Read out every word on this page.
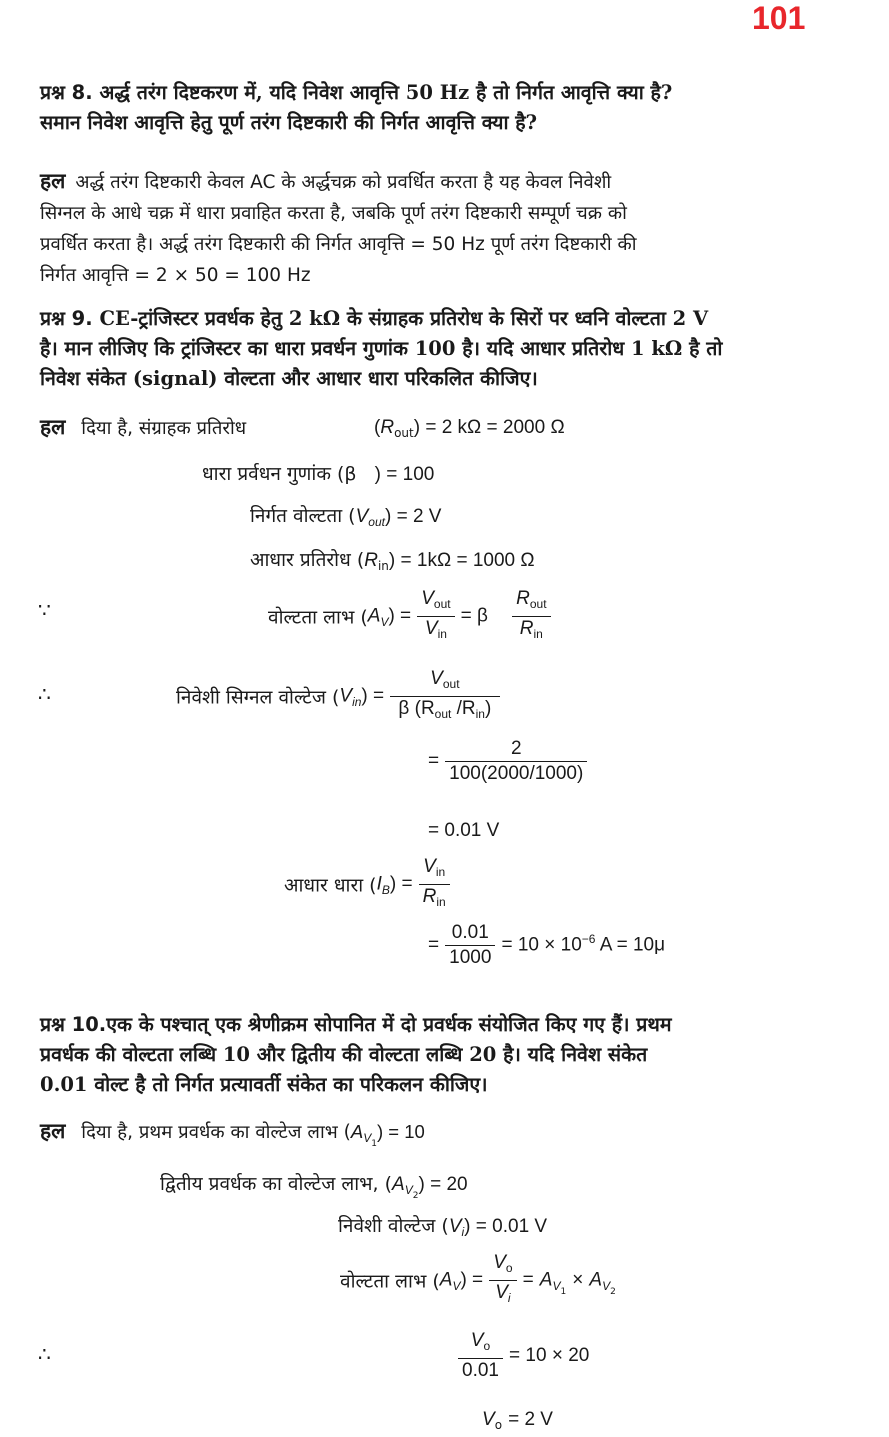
101
प्रश्न 8. अर्द्ध तरंग दिष्टकरण में, यदि निवेश आवृत्ति 50 Hz है तो निर्गत आवृत्ति क्या है?
समान निवेश आवृत्ति हेतु पूर्ण तरंग दिष्टकारी की निर्गत आवृत्ति क्या है?
हल अर्द्ध तरंग दिष्टकारी केवल AC के अर्द्धचक्र को प्रवर्धित करता है यह केवल निवेशी
सिग्नल के आधे चक्र में धारा प्रवाहित करता है, जबकि पूर्ण तरंग दिष्टकारी सम्पूर्ण चक्र को
प्रवर्धित करता है। अर्द्ध तरंग दिष्टकारी की निर्गत आवृत्ति = 50 Hz पूर्ण तरंग दिष्टकारी की
निर्गत आवृत्ति = 2 × 50 = 100 Hz
प्रश्न 9. CE-ट्रांजिस्टर प्रवर्धक हेतु 2 kΩ के संग्राहक प्रतिरोध के सिरों पर ध्वनि वोल्टता 2 V
है। मान लीजिए कि ट्रांजिस्टर का धारा प्रवर्धन गुणांक 100 है। यदि आधार प्रतिरोध 1 kΩ है तो
निवेश संकेत (signal) वोल्टता और आधार धारा परिकलित कीजिए।
हल दिया है, संग्राहक प्रतिरोध	$(R_{out}) = 2$ kΩ = 2000 Ω
धारा प्रर्वधन गुणांक (β ) = 100
निर्गत वोल्टता $(V_{out}) = 2$ V
आधार प्रतिरोध $(R_{in}) = 1k\Omega = 1000$ Ω
∵	वोल्टता लाभ $(A_V) = \frac{V_{out}}{V_{in}} = \beta \frac{R_{out}}{R_{in}}$
∴	निवेशी सिग्नल वोल्टेज $(V_{in}) = \frac{V_{out}}{\beta (R_{out} /R_{in})}$
= $\frac{2}{100(2000/1000)}$
= 0.01 V
आधार धारा $(I_B) = \frac{V_{in}}{R_{in}}$
= $\frac{0.01}{1000} = 10 \times 10^{-6}$ A = 10μ
प्रश्न 10.एक के पश्चात् एक श्रेणीक्रम सोपानित में दो प्रवर्धक संयोजित किए गए हैं। प्रथम
प्रवर्धक की वोल्टता लब्धि 10 और द्वितीय की वोल्टता लब्धि 20 है। यदि निवेश संकेत
0.01 वोल्ट है तो निर्गत प्रत्यावर्ती संकेत का परिकलन कीजिए।
हल दिया है, प्रथम प्रवर्धक का वोल्टेज लाभ $(A_{V1}) = 10$
द्वितीय प्रवर्धक का वोल्टेज लाभ, $(A_{V2}) = 20$
निवेशी वोल्टेज $(V_i) = 0.01$ V
वोल्टता लाभ $(A_V) = \frac{V_o}{V_i} = A_{V1} \times A_{V2}$
∴	$\frac{V_o}{0.01} = 10 \times 20$
$V_o = 2$ V
